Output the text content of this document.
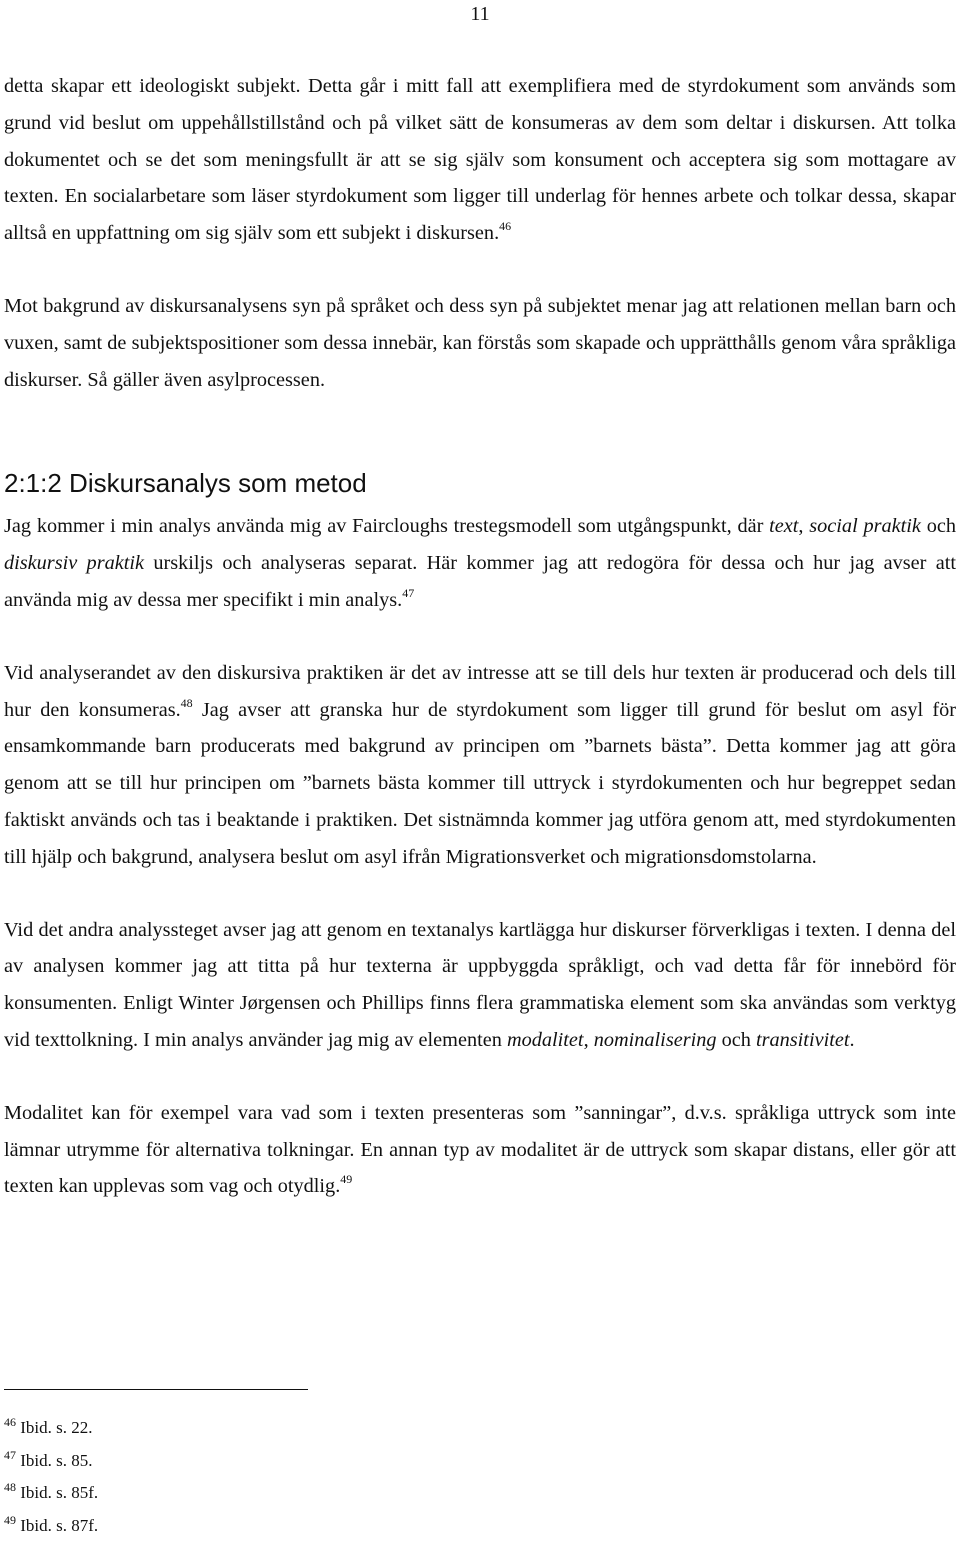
11

detta skapar ett ideologiskt subjekt. Detta går i mitt fall att exemplifiera med de styrdokument som används som grund vid beslut om uppehållstillstånd och på vilket sätt de konsumeras av dem som deltar i diskursen. Att tolka dokumentet och se det som meningsfullt är att se sig själv som konsument och acceptera sig som mottagare av texten. En socialarbetare som läser styrdokument som ligger till underlag för hennes arbete och tolkar dessa, skapar alltså en uppfattning om sig själv som ett subjekt i diskursen.$^{46}$

Mot bakgrund av diskursanalysens syn på språket och dess syn på subjektet menar jag att relationen mellan barn och vuxen, samt de subjektspositioner som dessa innebär, kan förstås som skapade och upprätthålls genom våra språkliga diskurser. Så gäller även asylprocessen.

2:1:2 Diskursanalys som metod

Jag kommer i min analys använda mig av Faircloughs trestegsmodell som utgångspunkt, där text, social praktik och diskursiv praktik urskiljs och analyseras separat. Här kommer jag att redogöra för dessa och hur jag avser att använda mig av dessa mer specifikt i min analys.$^{47}$

Vid analyserandet av den diskursiva praktiken är det av intresse att se till dels hur texten är producerad och dels till hur den konsumeras.$^{48}$ Jag avser att granska hur de styrdokument som ligger till grund för beslut om asyl för ensamkommande barn producerats med bakgrund av principen om ”barnets bästa”. Detta kommer jag att göra genom att se till hur principen om ”barnets bästa kommer till uttryck i styrdokumenten och hur begreppet sedan faktiskt används och tas i beaktande i praktiken. Det sistnämnda kommer jag utföra genom att, med styrdokumenten till hjälp och bakgrund, analysera beslut om asyl ifrån Migrationsverket och migrationsdomstolarna.

Vid det andra analyssteget avser jag att genom en textanalys kartlägga hur diskurser förverkligas i texten. I denna del av analysen kommer jag att titta på hur texterna är uppbyggda språkligt, och vad detta får för innebörd för konsumenten. Enligt Winter Jørgensen och Phillips finns flera grammatiska element som ska användas som verktyg vid texttolkning. I min analys använder jag mig av elementen modalitet, nominalisering och transitivitet.

Modalitet kan för exempel vara vad som i texten presenteras som ”sanningar”, d.v.s. språkliga uttryck som inte lämnar utrymme för alternativa tolkningar. En annan typ av modalitet är de uttryck som skapar distans, eller gör att texten kan upplevas som vag och otydlig.$^{49}$

$^{46}$ Ibid. s. 22.
$^{47}$ Ibid. s. 85.
$^{48}$ Ibid. s. 85f.
$^{49}$ Ibid. s. 87f.
